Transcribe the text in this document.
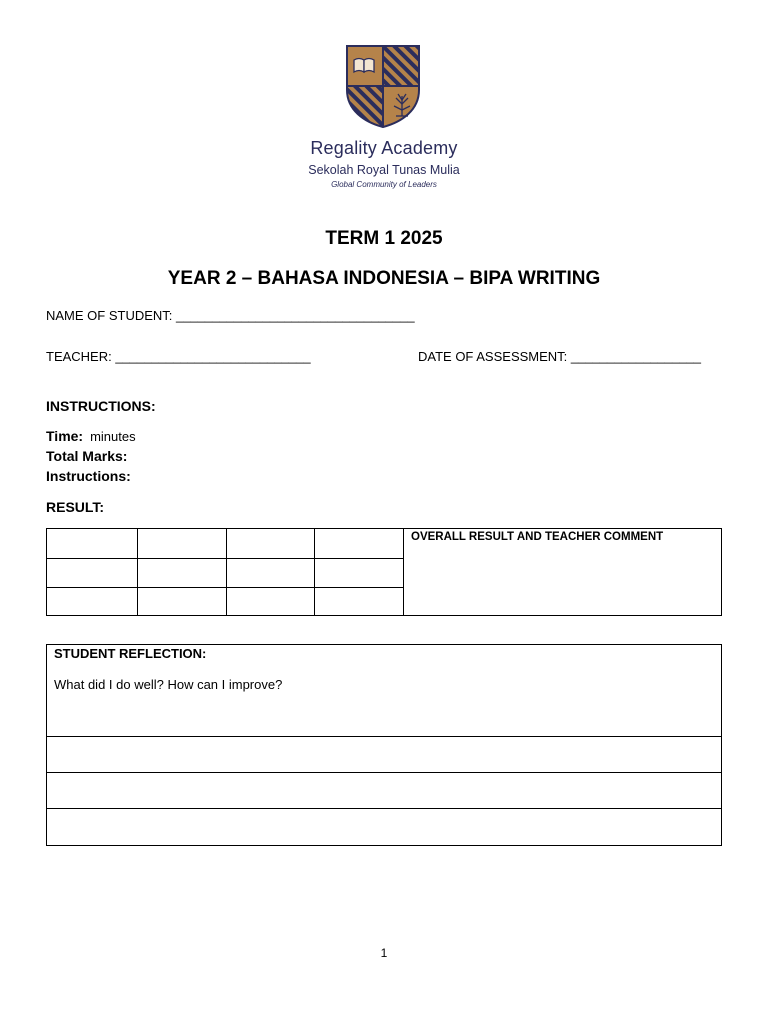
Regality Academy
Sekolah Royal Tunas Mulia
Global Community of Leaders
TERM 1 2025
YEAR 2 – BAHASA INDONESIA – BIPA WRITING
NAME OF STUDENT: _________________________________
TEACHER: ___________________________	DATE OF ASSESSMENT: __________________
INSTRUCTIONS:
Time: minutes
Total Marks:
Instructions:
RESULT:
OVERALL RESULT AND TEACHER COMMENT
STUDENT REFLECTION:
What did I do well? How can I improve?
1
